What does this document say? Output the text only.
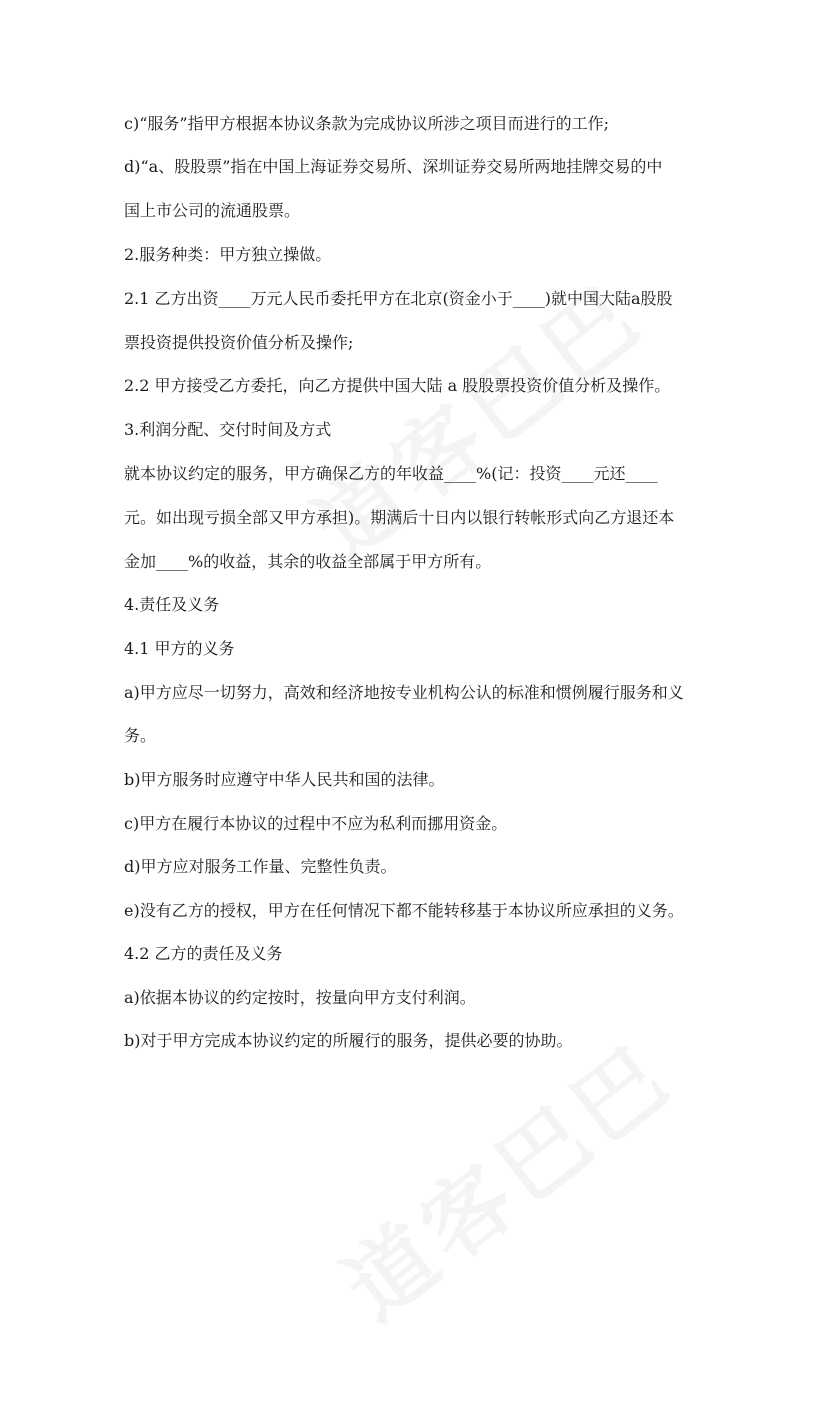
c)“服务”指甲方根据本协议条款为完成协议所涉之项目而进行的工作;
d)“a、股股票”指在中国上海证券交易所、深圳证券交易所两地挂牌交易的中
国上市公司的流通股票。
2.服务种类：甲方独立操做。
2.1 乙方出资____万元人民币委托甲方在北京(资金小于____)就中国大陆a股股
票投资提供投资价值分析及操作;
2.2 甲方接受乙方委托，向乙方提供中国大陆 a 股股票投资价值分析及操作。
3.利润分配、交付时间及方式
就本协议约定的服务，甲方确保乙方的年收益____%(记：投资____元还____
元。如出现亏损全部又甲方承担)。期满后十日内以银行转帐形式向乙方退还本
金加____%的收益，其余的收益全部属于甲方所有。
4.责任及义务
4.1 甲方的义务
a)甲方应尽一切努力，高效和经济地按专业机构公认的标准和惯例履行服务和义
务。
b)甲方服务时应遵守中华人民共和国的法律。
c)甲方在履行本协议的过程中不应为私利而挪用资金。
d)甲方应对服务工作量、完整性负责。
e)没有乙方的授权，甲方在任何情况下都不能转移基于本协议所应承担的义务。
4.2 乙方的责任及义务
a)依据本协议的约定按时，按量向甲方支付利润。
b)对于甲方完成本协议约定的所履行的服务，提供必要的协助。
